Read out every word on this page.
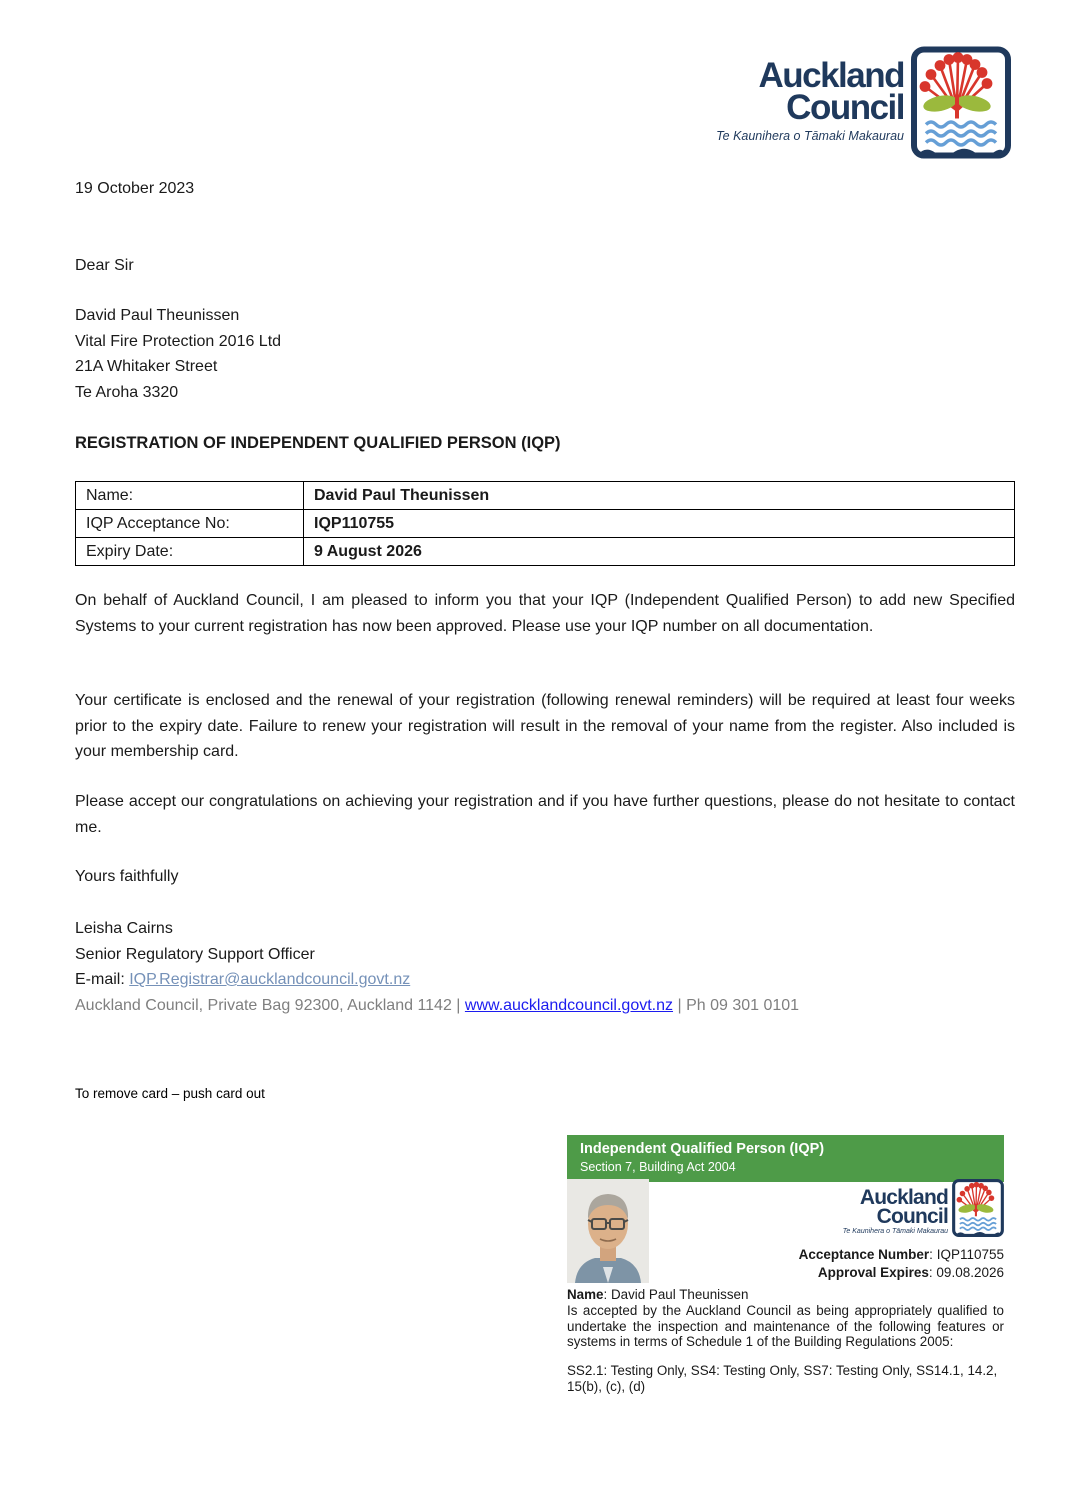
Auckland
Council
Te Kaunihera o Tāmaki Makaurau
19 October 2023
Dear Sir
David Paul Theunissen
Vital Fire Protection 2016 Ltd
21A Whitaker Street
Te Aroha 3320
REGISTRATION OF INDEPENDENT QUALIFIED PERSON (IQP)
Name:	David Paul Theunissen
IQP Acceptance No:	IQP110755
Expiry Date:	9 August 2026
On behalf of Auckland Council, I am pleased to inform you that your IQP (Independent Qualified Person) to add new Specified Systems to your current registration has now been approved. Please use your IQP number on all documentation.
Your certificate is enclosed and the renewal of your registration (following renewal reminders) will be required at least four weeks prior to the expiry date. Failure to renew your registration will result in the removal of your name from the register. Also included is your membership card.
Please accept our congratulations on achieving your registration and if you have further questions, please do not hesitate to contact me.
Yours faithfully
Leisha Cairns
Senior Regulatory Support Officer
E-mail: IQP.Registrar@aucklandcouncil.govt.nz
Auckland Council, Private Bag 92300, Auckland 1142 | www.aucklandcouncil.govt.nz | Ph 09 301 0101
To remove card – push card out
Independent Qualified Person (IQP)
Section 7, Building Act 2004
Auckland
Council
Te Kaunihera o Tāmaki Makaurau
Acceptance Number: IQP110755
Approval Expires: 09.08.2026
Name: David Paul Theunissen
Is accepted by the Auckland Council as being appropriately qualified to undertake the inspection and maintenance of the following features or systems in terms of Schedule 1 of the Building Regulations 2005:
SS2.1: Testing Only, SS4: Testing Only, SS7: Testing Only, SS14.1, 14.2, 15(b), (c), (d)
